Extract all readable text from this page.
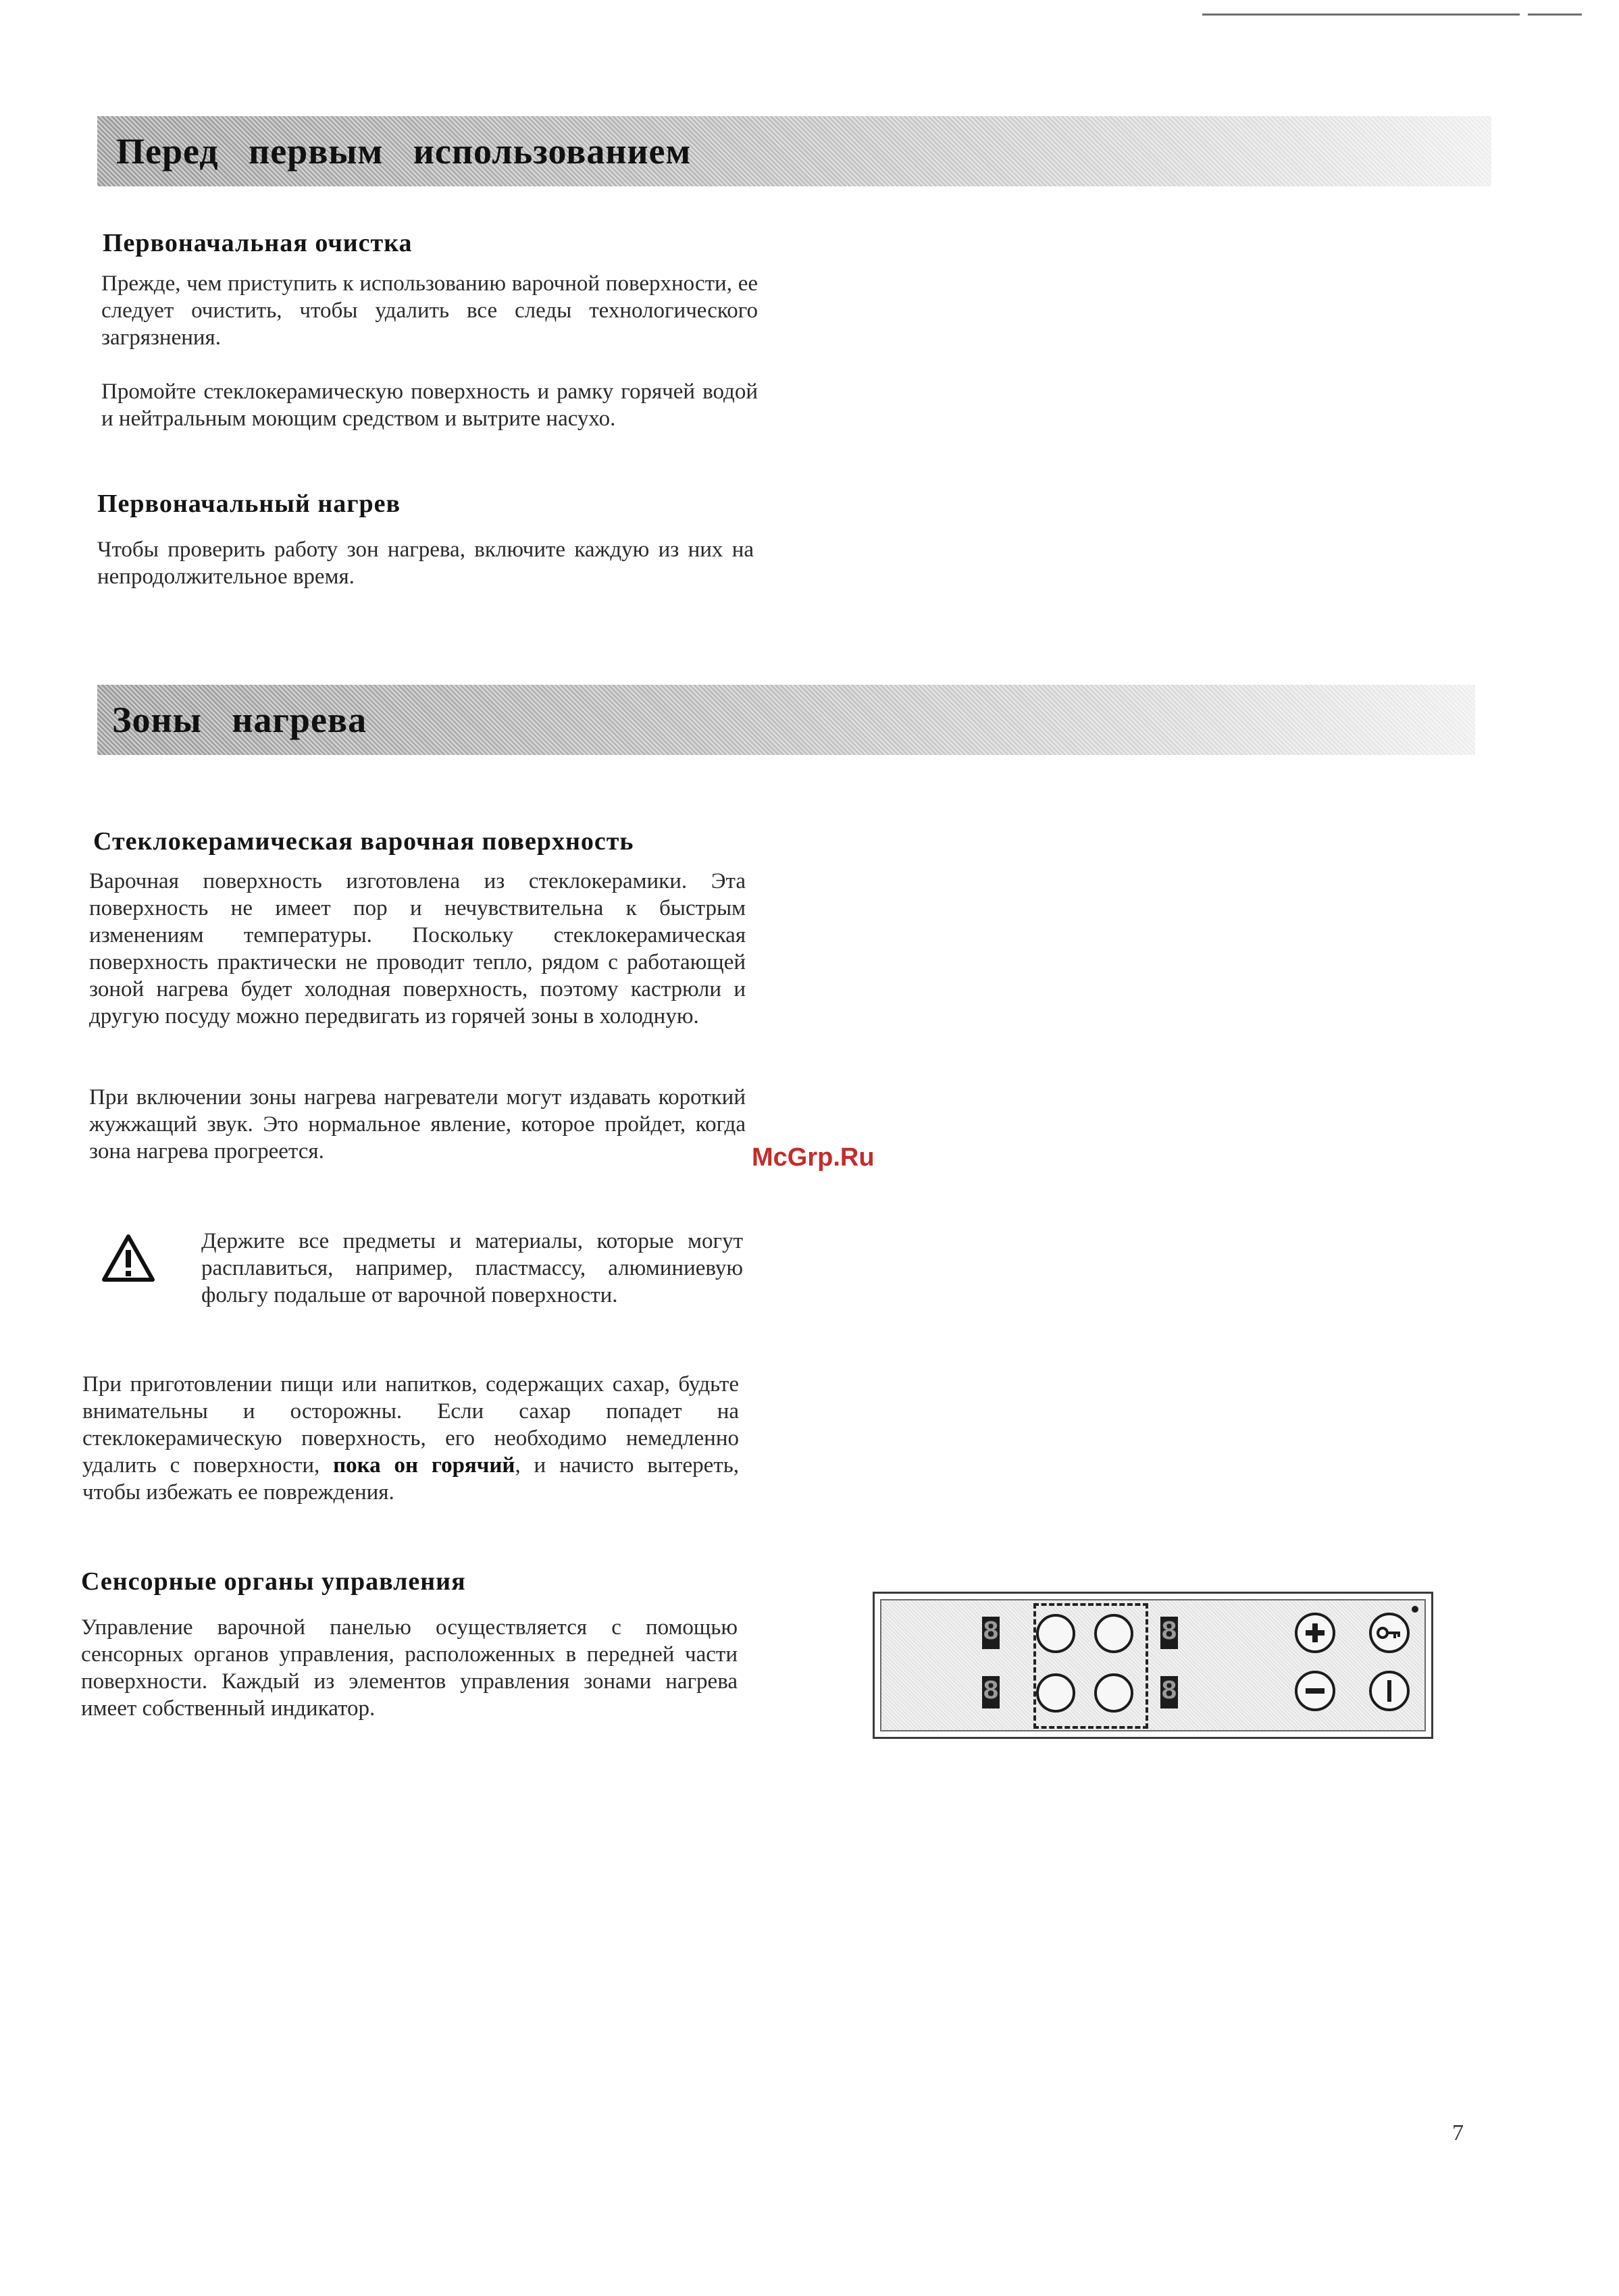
Перед первым использованием
Первоначальная очистка

Прежде, чем приступить к использованию варочной поверхности, ее следует очистить, чтобы удалить все следы технологического загрязнения.

Промойте стеклокерамическую поверхность и рамку горячей водой и нейтральным моющим средством и вытрите насухо.

Первоначальный нагрев

Чтобы проверить работу зон нагрева, включите каждую из них на непродолжительное время.

Зоны нагрева
Стеклокерамическая варочная поверхность

Варочная поверхность изготовлена из стеклокерамики. Эта поверхность не имеет пор и нечувствительна к быстрым изменениям температуры. Поскольку стеклокерамическая поверхность практически не проводит тепло, рядом с работающей зоной нагрева будет холодная поверхность, поэтому кастрюли и другую посуду можно передвигать из горячей зоны в холодную.

При включении зоны нагрева нагреватели могут издавать короткий жужжащий звук. Это нормальное явление, которое пройдет, когда зона нагрева прогреется.

Держите все предметы и материалы, которые могут расплавиться, например, пластмассу, алюминиевую фольгу подальше от варочной поверхности.

При приготовлении пищи или напитков, содержащих сахар, будьте внимательны и осторожны. Если сахар попадет на стеклокерамическую поверхность, его необходимо немедленно удалить с поверхности, пока он горячий, и начисто вытереть, чтобы избежать ее повреждения.

Сенсорные органы управления

Управление варочной панелью осуществляется с помощью сенсорных органов управления, расположенных в передней части поверхности. Каждый из элементов управления зонами нагрева имеет собственный индикатор.

McGrp.Ru
8
8
8
8
7
